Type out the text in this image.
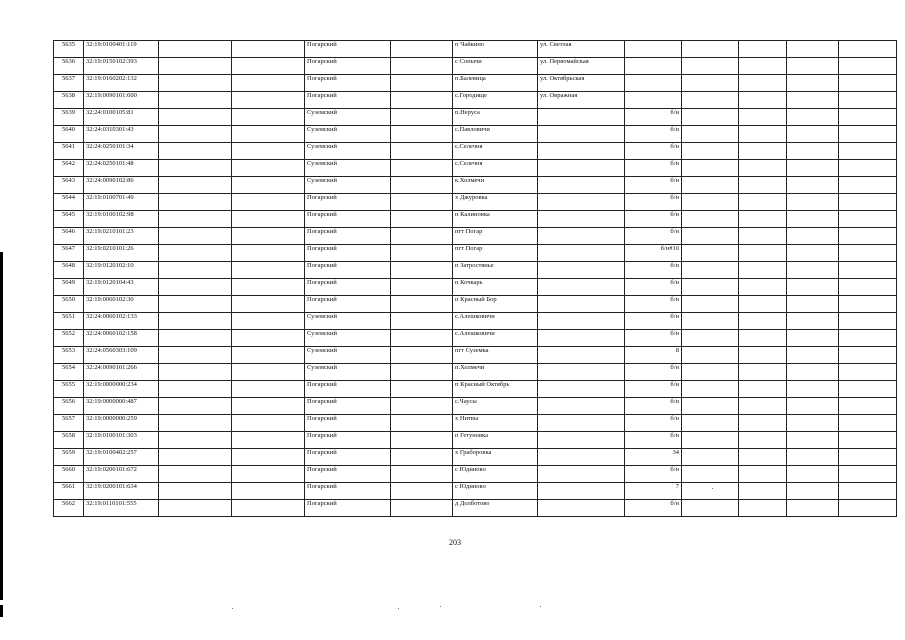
5635	32:19:0100401:119			Погарский		п Чайкино	ул. Светлая					
5636	32:19:0150102:393			Погарский		с Сопычи	ул. Первомайская					
5637	32:19:0160202:132			Погарский		п.Балевица	ул. Октябрьская					
5638	32:19:0090101:600			Погарский		с.Городище	ул. Овражная					
5639	32:24:0100105:81			Суземский		п.Неруса		б/н				
5640	32:24:0310301:43			Суземский		с.Павловичи		б/н				
5641	32:24:0250101:34			Суземский		с.Селечня		б/н				
5642	32:24:0250101:48			Суземский		с.Селечня		б/н				
5643	32:24:0090102:86			Суземский		к.Холмечи		б/н				
5644	32:19:0100701:49			Погарский		х Джуровка		б/н				
5645	32:19:0100102:98			Погарский		п Калиновка		б/н				
5646	32:19:0210101:23			Погарский		пгт Погар		б/н				
5647	32:19:0210101:26			Погарский		пгт Погар		б/н#10				
5648	32:19:0120102:10			Погарский		п Затростянье		б/н				
5649	32:19:0120104:43			Погарский		п Кочкарь		б/н				
5650	32:19:0060102:30			Погарский		п Красный Бор		б/н				
5651	32:24:0060102:133			Суземский		с.Алешковичи		б/н				
5652	32:24:0060102:158			Суземский		с.Алешковичи		б/н				
5653	32:24:0560303:109			Суземский		пгт Суземка		8				
5654	32:24:0090101:266			Суземский		п.Холмечи		б/н				
5655	32:19:0000000:234			Погарский		п Красный Октябрь		б/н				
5656	32:19:0000000:487			Погарский		с.Чаусы		б/н				
5657	32:19:0000000:259			Погарский		х Нитвы		б/н				
5658	32:19:0100101:303			Погарский		п Гетуновка		б/н				
5659	32:19:0100402:257			Погарский		х Грaборовка		34				
5660	32:19:0200101:672			Погарский		с Юдиново		б/н				
5661	32:19:0200101:634			Погарский		с Юдиново		7				
5662	32:19:0110101:555			Погарский		д Долботово		б/н				
203
